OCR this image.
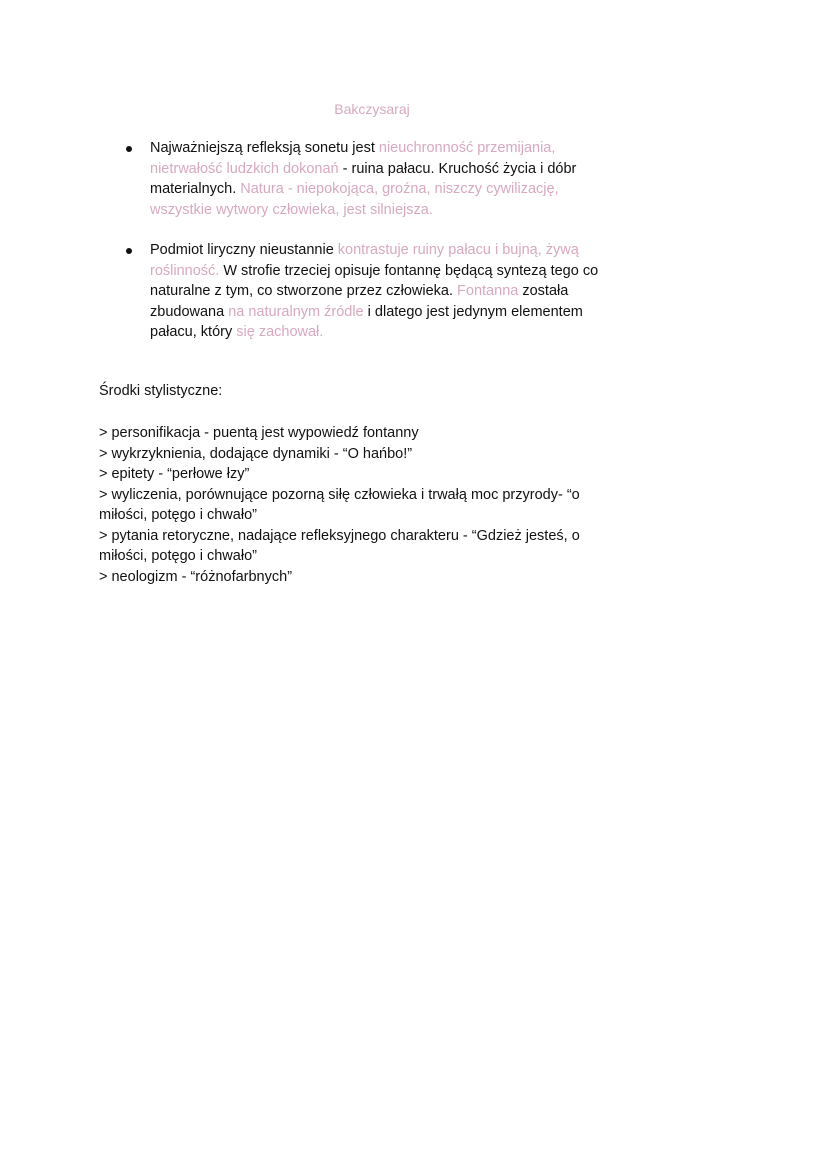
Bakczysaraj

Najważniejszą refleksją sonetu jest nieuchronność przemijania, nietrwałość ludzkich dokonań - ruina pałacu. Kruchość życia i dóbr materialnych. Natura - niepokojąca, groźna, niszczy cywilizację, wszystkie wytwory człowieka, jest silniejsza.

Podmiot liryczny nieustannie kontrastuje ruiny pałacu i bujną, żywą roślinność. W strofie trzeciej opisuje fontannę będącą syntezą tego co naturalne z tym, co stworzone przez człowieka. Fontanna została zbudowana na naturalnym źródle i dlatego jest jedynym elementem pałacu, który się zachował.

Środki stylistyczne:

> personifikacja - puentą jest wypowiedź fontanny
> wykrzyknienia, dodające dynamiki - “O hańbo!”
> epitety - “perłowe łzy”
> wyliczenia, porównujące pozorną siłę człowieka i trwałą moc przyrody- “o miłości, potęgo i chwało”
> pytania retoryczne, nadające refleksyjnego charakteru - “Gdzież jesteś, o miłości, potęgo i chwało”
> neologizm - “różnofarbnych”
